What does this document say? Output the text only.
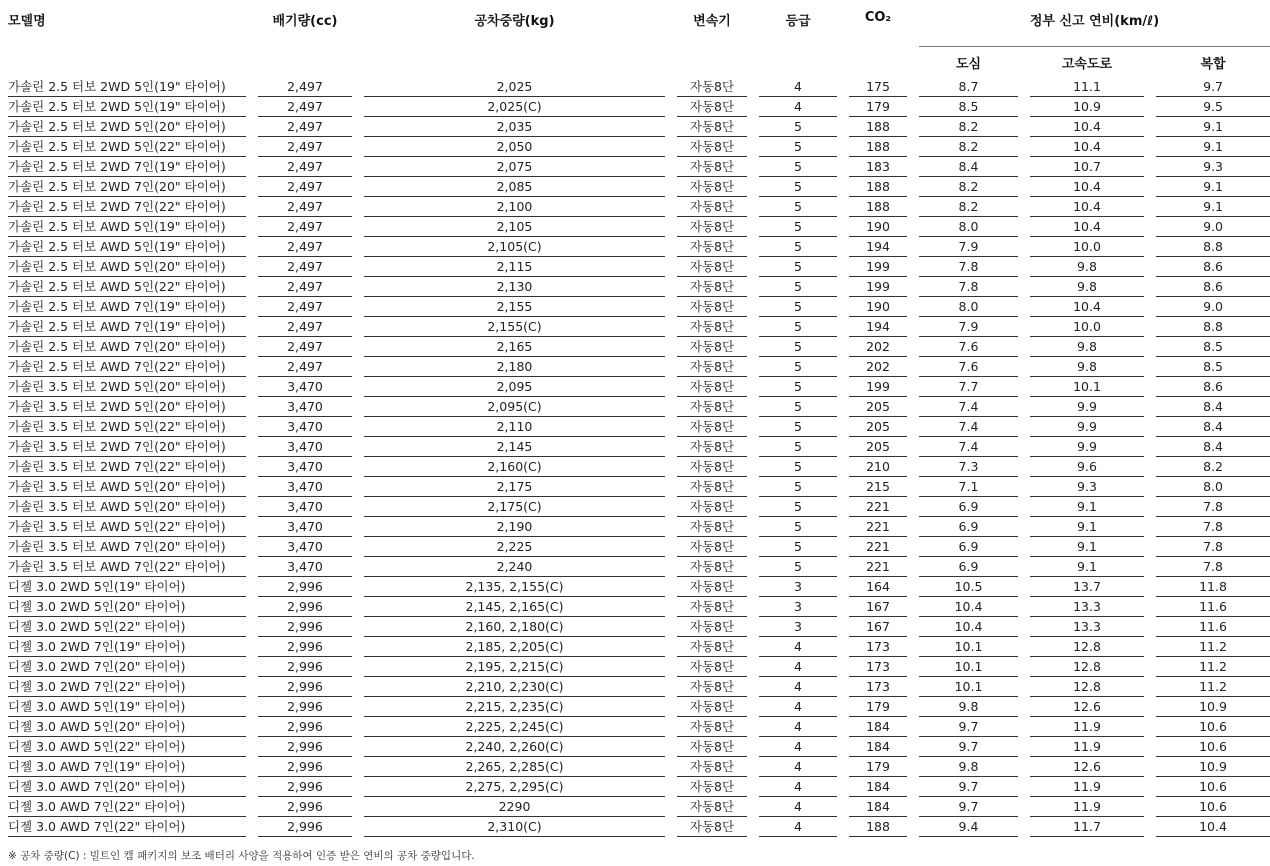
모델명		배기량(cc)		공차중량(kg)		변속기		등급		CO₂		정부 신고 연비(km/ℓ)				
												도심		고속도로		복합
가솔린 2.5 터보 2WD 5인(19" 타이어)		2,497		2,025		자동8단		4		175		8.7		11.1		9.7
가솔린 2.5 터보 2WD 5인(19" 타이어)		2,497		2,025(C)		자동8단		4		179		8.5		10.9		9.5
가솔린 2.5 터보 2WD 5인(20" 타이어)		2,497		2,035		자동8단		5		188		8.2		10.4		9.1
가솔린 2.5 터보 2WD 5인(22" 타이어)		2,497		2,050		자동8단		5		188		8.2		10.4		9.1
가솔린 2.5 터보 2WD 7인(19" 타이어)		2,497		2,075		자동8단		5		183		8.4		10.7		9.3
가솔린 2.5 터보 2WD 7인(20" 타이어)		2,497		2,085		자동8단		5		188		8.2		10.4		9.1
가솔린 2.5 터보 2WD 7인(22" 타이어)		2,497		2,100		자동8단		5		188		8.2		10.4		9.1
가솔린 2.5 터보 AWD 5인(19" 타이어)		2,497		2,105		자동8단		5		190		8.0		10.4		9.0
가솔린 2.5 터보 AWD 5인(19" 타이어)		2,497		2,105(C)		자동8단		5		194		7.9		10.0		8.8
가솔린 2.5 터보 AWD 5인(20" 타이어)		2,497		2,115		자동8단		5		199		7.8		9.8		8.6
가솔린 2.5 터보 AWD 5인(22" 타이어)		2,497		2,130		자동8단		5		199		7.8		9.8		8.6
가솔린 2.5 터보 AWD 7인(19" 타이어)		2,497		2,155		자동8단		5		190		8.0		10.4		9.0
가솔린 2.5 터보 AWD 7인(19" 타이어)		2,497		2,155(C)		자동8단		5		194		7.9		10.0		8.8
가솔린 2.5 터보 AWD 7인(20" 타이어)		2,497		2,165		자동8단		5		202		7.6		9.8		8.5
가솔린 2.5 터보 AWD 7인(22" 타이어)		2,497		2,180		자동8단		5		202		7.6		9.8		8.5
가솔린 3.5 터보 2WD 5인(20" 타이어)		3,470		2,095		자동8단		5		199		7.7		10.1		8.6
가솔린 3.5 터보 2WD 5인(20" 타이어)		3,470		2,095(C)		자동8단		5		205		7.4		9.9		8.4
가솔린 3.5 터보 2WD 5인(22" 타이어)		3,470		2,110		자동8단		5		205		7.4		9.9		8.4
가솔린 3.5 터보 2WD 7인(20" 타이어)		3,470		2,145		자동8단		5		205		7.4		9.9		8.4
가솔린 3.5 터보 2WD 7인(22" 타이어)		3,470		2,160(C)		자동8단		5		210		7.3		9.6		8.2
가솔린 3.5 터보 AWD 5인(20" 타이어)		3,470		2,175		자동8단		5		215		7.1		9.3		8.0
가솔린 3.5 터보 AWD 5인(20" 타이어)		3,470		2,175(C)		자동8단		5		221		6.9		9.1		7.8
가솔린 3.5 터보 AWD 5인(22" 타이어)		3,470		2,190		자동8단		5		221		6.9		9.1		7.8
가솔린 3.5 터보 AWD 7인(20" 타이어)		3,470		2,225		자동8단		5		221		6.9		9.1		7.8
가솔린 3.5 터보 AWD 7인(22" 타이어)		3,470		2,240		자동8단		5		221		6.9		9.1		7.8
디젤 3.0 2WD 5인(19" 타이어)		2,996		2,135, 2,155(C)		자동8단		3		164		10.5		13.7		11.8
디젤 3.0 2WD 5인(20" 타이어)		2,996		2,145, 2,165(C)		자동8단		3		167		10.4		13.3		11.6
디젤 3.0 2WD 5인(22" 타이어)		2,996		2,160, 2,180(C)		자동8단		3		167		10.4		13.3		11.6
디젤 3.0 2WD 7인(19" 타이어)		2,996		2,185, 2,205(C)		자동8단		4		173		10.1		12.8		11.2
디젤 3.0 2WD 7인(20" 타이어)		2,996		2,195, 2,215(C)		자동8단		4		173		10.1		12.8		11.2
디젤 3.0 2WD 7인(22" 타이어)		2,996		2,210, 2,230(C)		자동8단		4		173		10.1		12.8		11.2
디젤 3.0 AWD 5인(19" 타이어)		2,996		2,215, 2,235(C)		자동8단		4		179		9.8		12.6		10.9
디젤 3.0 AWD 5인(20" 타이어)		2,996		2,225, 2,245(C)		자동8단		4		184		9.7		11.9		10.6
디젤 3.0 AWD 5인(22" 타이어)		2,996		2,240, 2,260(C)		자동8단		4		184		9.7		11.9		10.6
디젤 3.0 AWD 7인(19" 타이어)		2,996		2,265, 2,285(C)		자동8단		4		179		9.8		12.6		10.9
디젤 3.0 AWD 7인(20" 타이어)		2,996		2,275, 2,295(C)		자동8단		4		184		9.7		11.9		10.6
디젤 3.0 AWD 7인(22" 타이어)		2,996		2290		자동8단		4		184		9.7		11.9		10.6
디젤 3.0 AWD 7인(22" 타이어)		2,996		2,310(C)		자동8단		4		188		9.4		11.7		10.4
※ 공차 중량(C) : 빌트인 캠 패키지의 보조 배터리 사양을 적용하여 인증 받은 연비의 공차 중량입니다.
